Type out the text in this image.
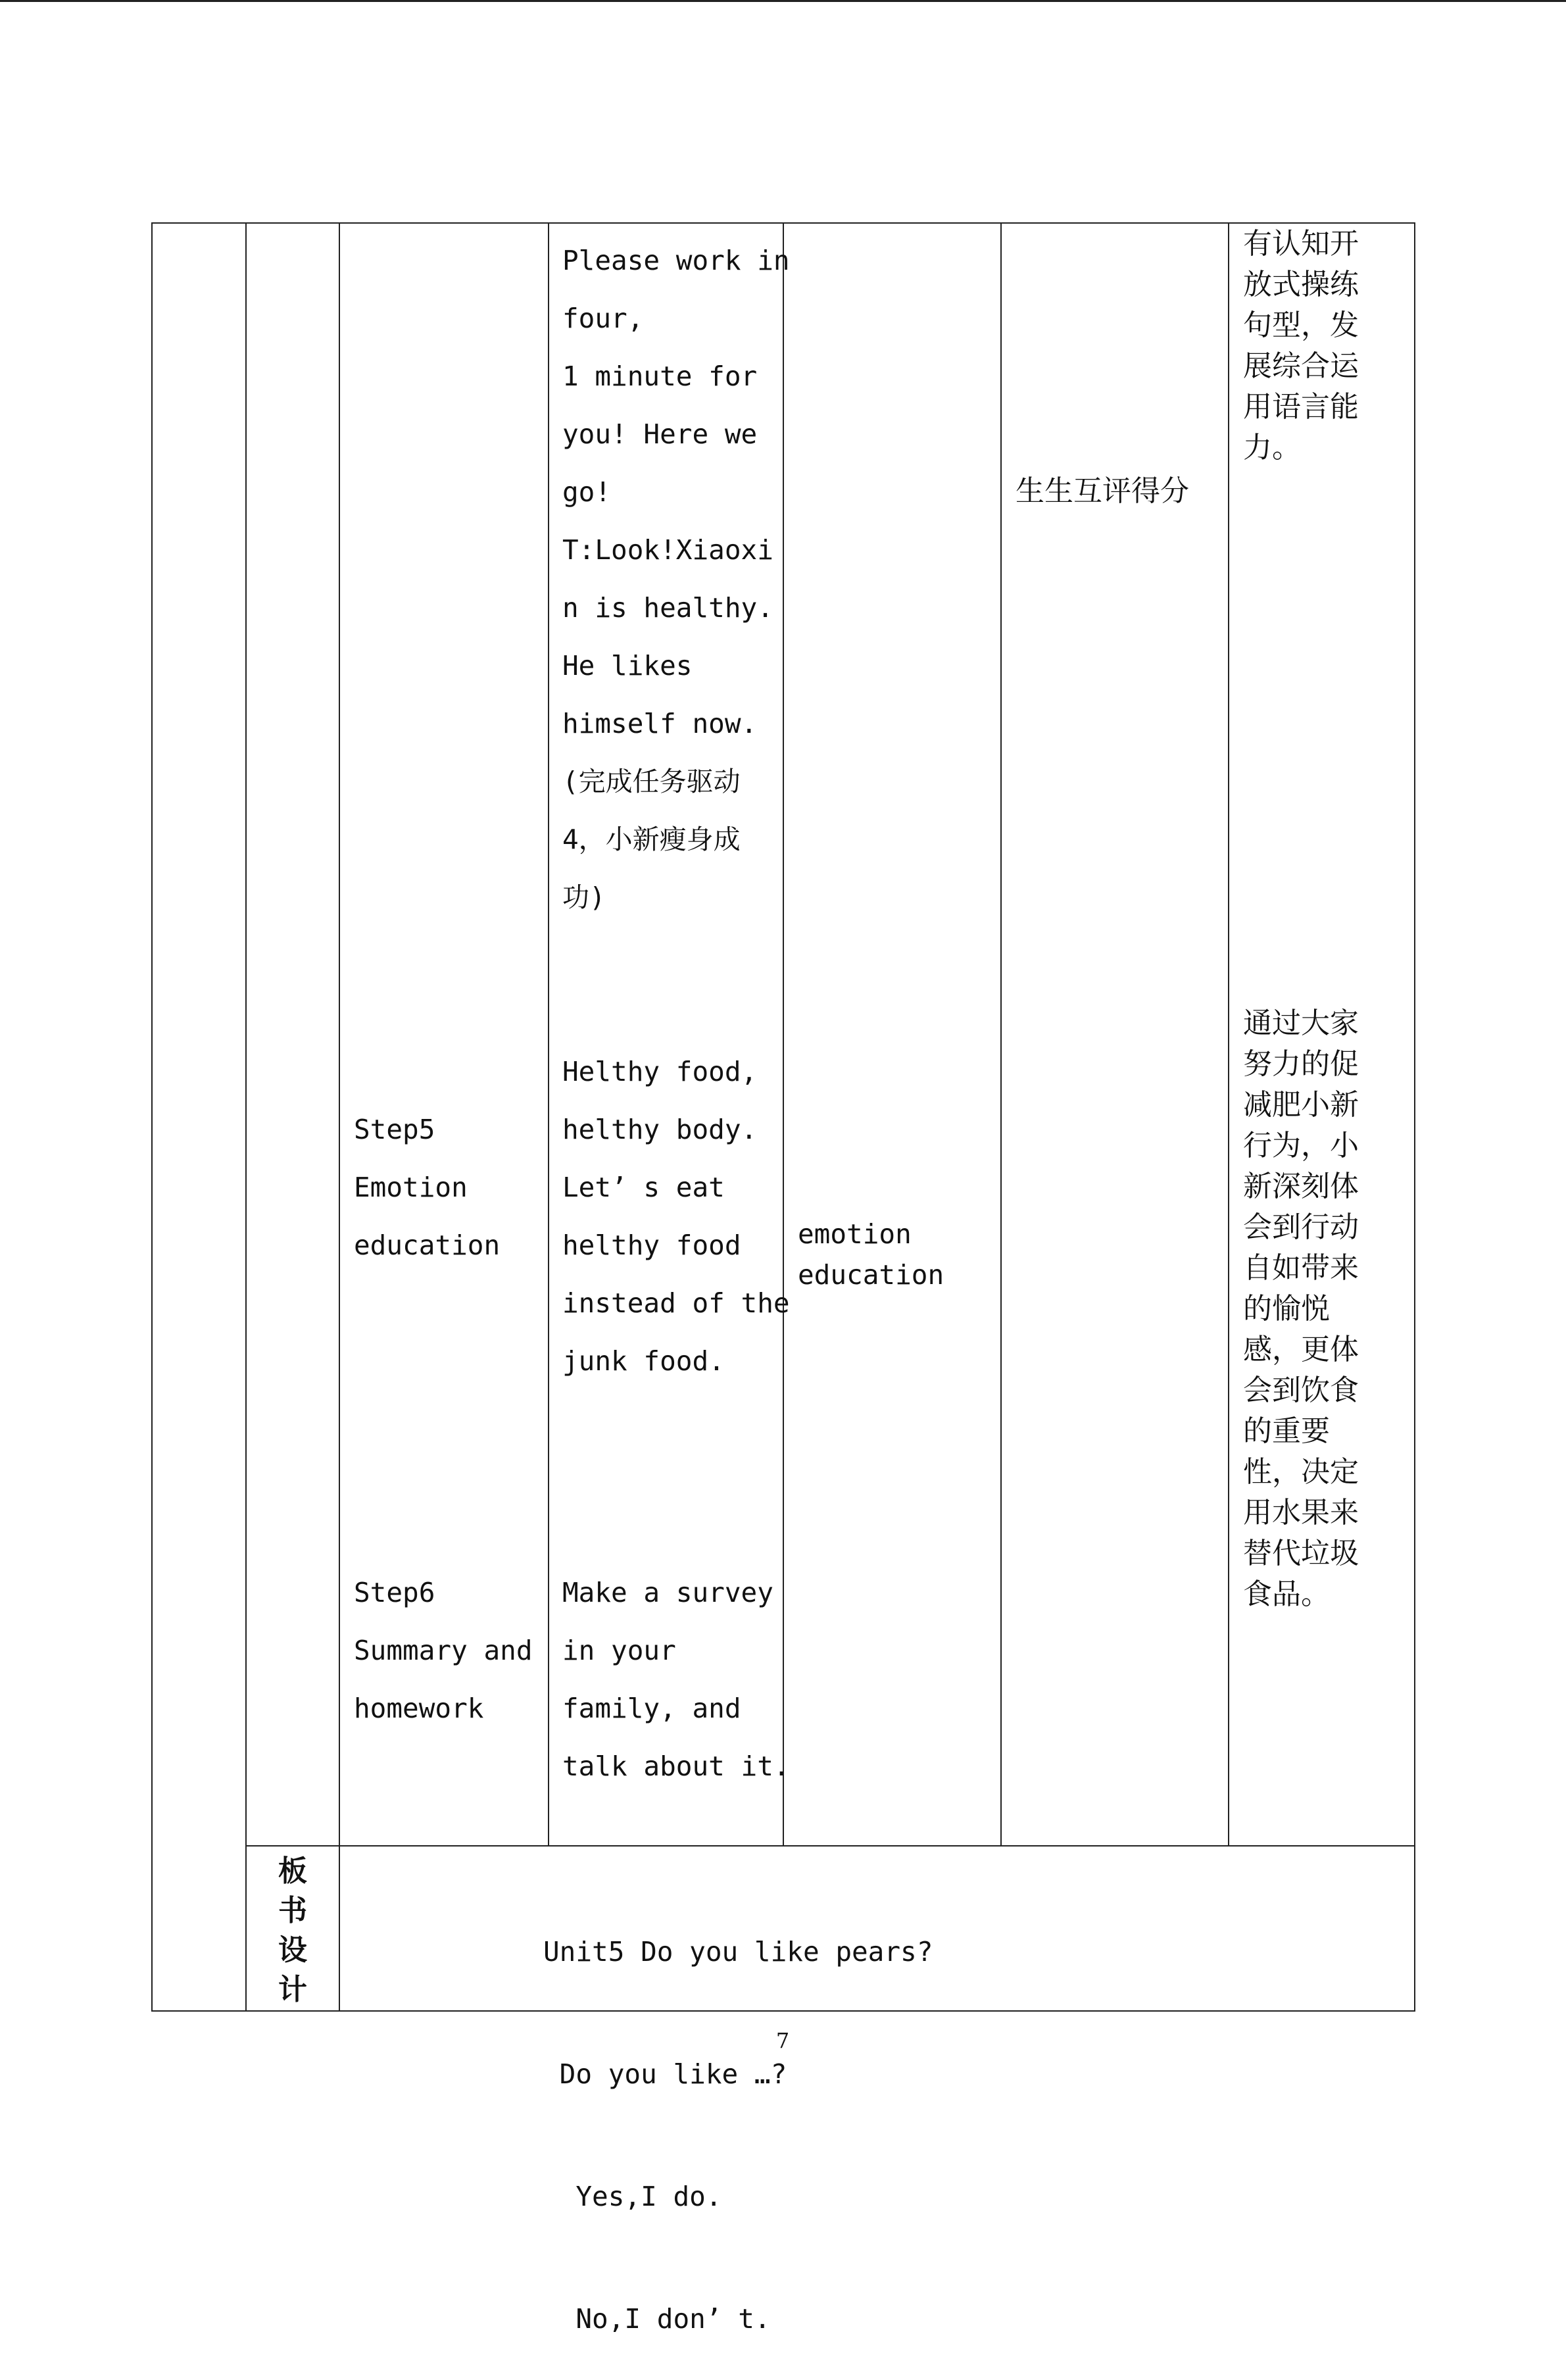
Step5
Emotion
education
Step6
Summary and
homework
Please work in
four,
1 minute for
you! Here we
go!
T:Look!Xiaoxi
n is healthy.
He likes
himself now.
(完成任务驱动
4，小新瘦身成
功)
Helthy food,
helthy body.
Let’ s eat
helthy food
instead of the
junk food.
Make a survey
in your
family, and
talk about it.
emotion
education
生生互评得分
有认知开
放式操练
句型，发
展综合运
用语言能
力。
通过大家
努力的促
减肥小新
行为，小
新深刻体
会到行动
自如带来
的愉悦
感，更体
会到饮食
的重要
性，决定
用水果来
替代垃圾
食品。
板
书
设
计

Unit5 Do you like pears?

Do you like …?

Yes,I do.

No,I don’ t.

7
